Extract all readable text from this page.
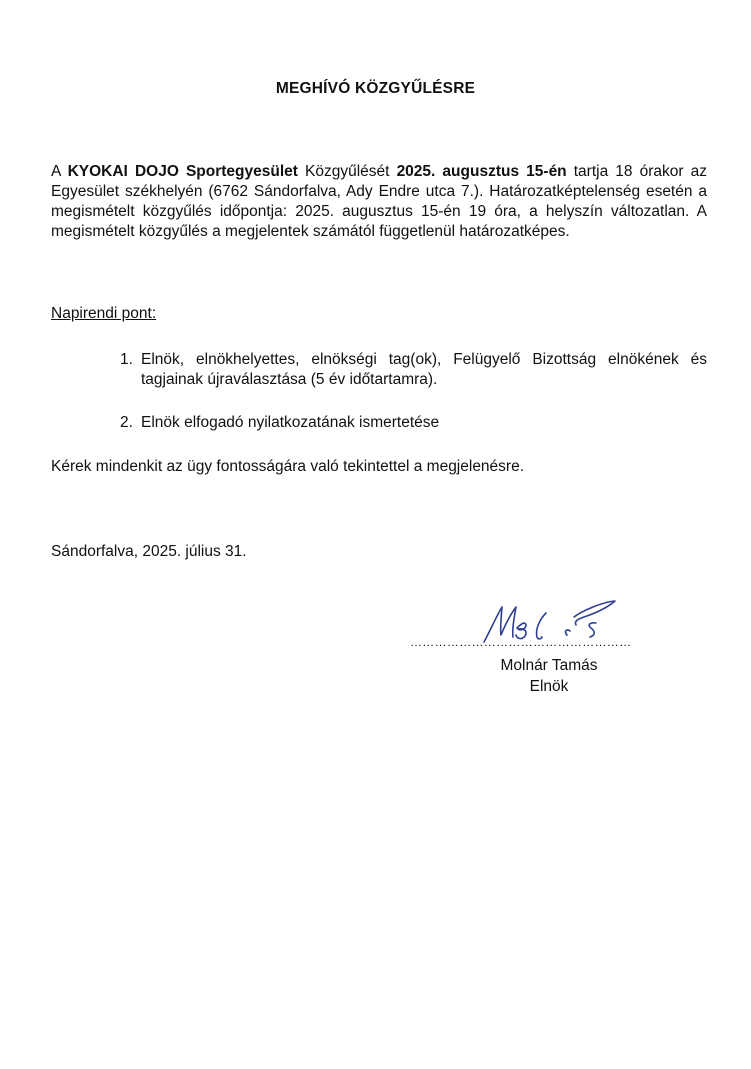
MEGHÍVÓ KÖZGYŰLÉSRE
A KYOKAI DOJO Sportegyesület Közgyűlését 2025. augusztus 15-én tartja 18 órakor az Egyesület székhelyén (6762 Sándorfalva, Ady Endre utca 7.). Határozatképtelenség esetén a megismételt közgyűlés időpontja: 2025. augusztus 15-én 19 óra, a helyszín változatlan. A megismételt közgyűlés a megjelentek számától függetlenül határozatképes.
Napirendi pont:
1. Elnök, elnökhelyettes, elnökségi tag(ok), Felügyelő Bizottság elnökének és tagjainak újraválasztása (5 év időtartamra).
2. Elnök elfogadó nyilatkozatának ismertetése
Kérek mindenkit az ügy fontosságára való tekintettel a megjelenésre.
Sándorfalva, 2025. július 31.
………………………………………………
Molnár Tamás
Elnök
